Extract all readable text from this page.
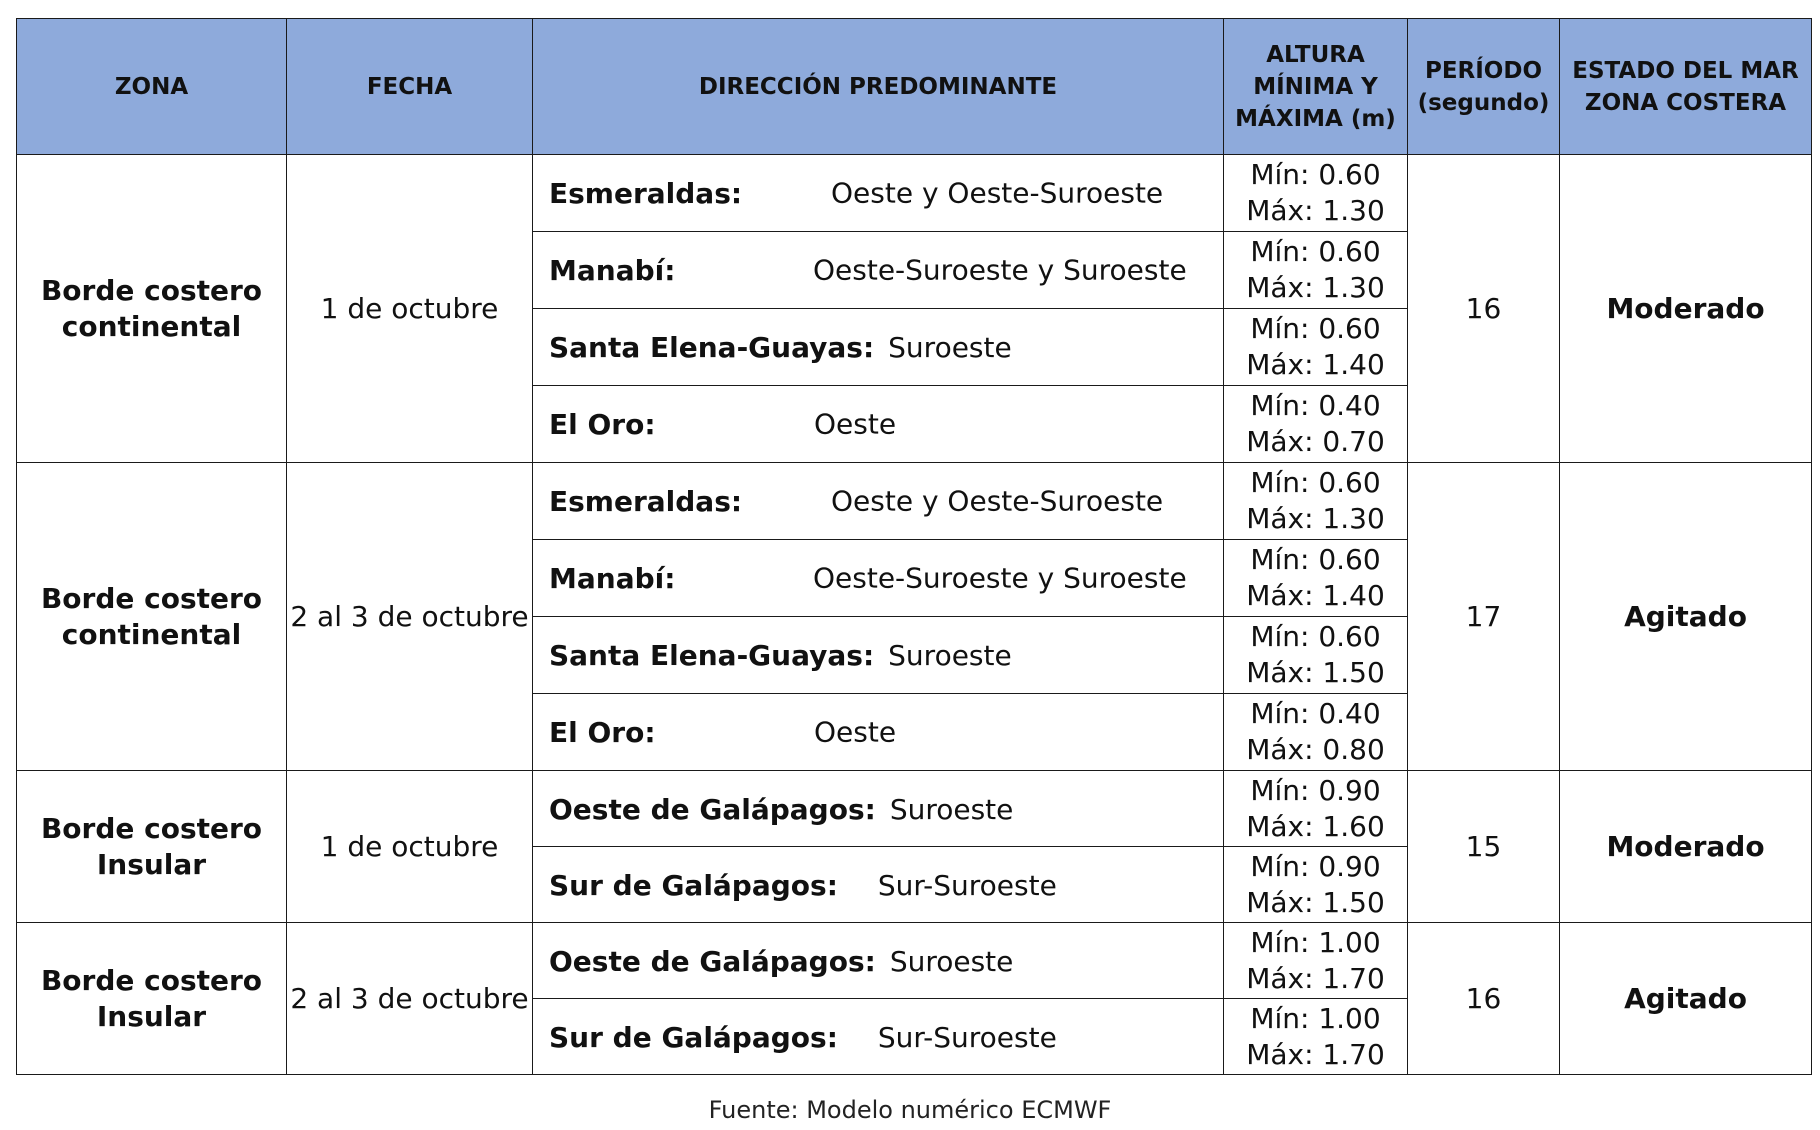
ZONA	FECHA	DIRECCIÓN PREDOMINANTE	ALTURA MÍNIMA Y MÁXIMA (m)	PERÍODO (segundo)	ESTADO DEL MAR ZONA COSTERA
Borde costero continental	1 de octubre	Esmeraldas: Oeste y Oeste-Suroeste	Mín: 0.60
Máx: 1.30	16	Moderado
		Manabí: Oeste-Suroeste y Suroeste	Mín: 0.60
Máx: 1.30		

		Santa Elena-Guayas: Suroeste	Mín: 0.60
Máx: 1.40		

		El Oro: Oeste	Mín: 0.40
Máx: 0.70		

Borde costero continental	2 al 3 de octubre	Esmeraldas: Oeste y Oeste-Suroeste	Mín: 0.60
Máx: 1.30	17	Agitado
		Manabí: Oeste-Suroeste y Suroeste	Mín: 0.60
Máx: 1.40		

		Santa Elena-Guayas: Suroeste	Mín: 0.60
Máx: 1.50		

		El Oro: Oeste	Mín: 0.40
Máx: 0.80		

Borde costero Insular	1 de octubre	Oeste de Galápagos: Suroeste	Mín: 0.90
Máx: 1.60	15	Moderado
		Sur de Galápagos: Sur-Suroeste	Mín: 0.90
Máx: 1.50		

Borde costero Insular	2 al 3 de octubre	Oeste de Galápagos: Suroeste	Mín: 1.00
Máx: 1.70	16	Agitado
		Sur de Galápagos: Sur-Suroeste	Mín: 1.00
Máx: 1.70		
Fuente: Modelo numérico ECMWF
